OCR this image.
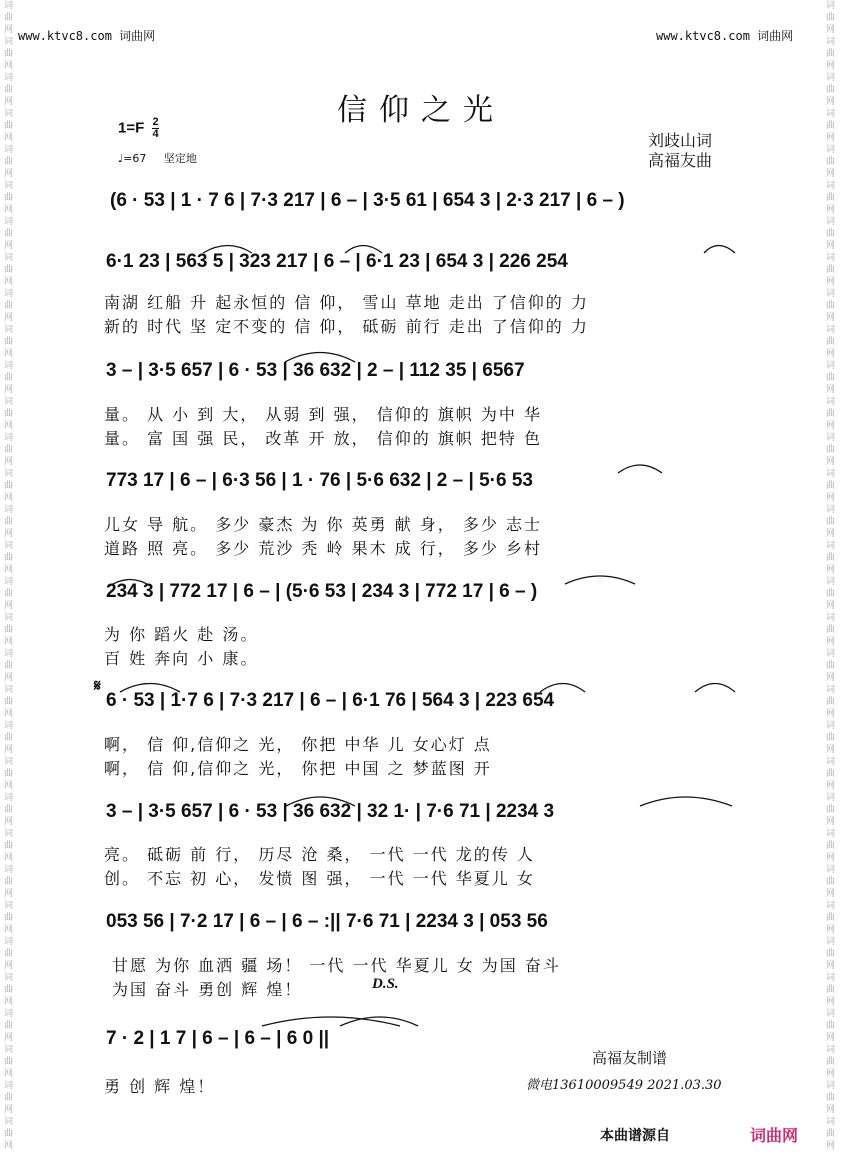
www.ktvc8.com 词曲网	www.ktvc8.com 词曲网
词曲网词曲网词曲网词曲网词曲网词曲网词曲网词曲网词曲网词曲网词曲网词曲网词曲网词曲网词曲网词曲网词曲网词曲网词曲网词曲网词曲网词曲网词曲网词曲网词曲网词曲网词曲网词曲网词曲网词曲网词曲网词曲网
词曲网词曲网词曲网词曲网词曲网词曲网词曲网词曲网词曲网词曲网词曲网词曲网词曲网词曲网词曲网词曲网词曲网词曲网词曲网词曲网词曲网词曲网词曲网词曲网词曲网词曲网词曲网词曲网词曲网词曲网词曲网词曲网
信仰之光
$1=F \frac{2}{4}$
♩=67 坚定地
刘歧山词
高福友曲
(6 · 53 | 1 · 7 6 | 7·3 217 | 6 – | 3·5 61 | 654 3 | 2·3 217 | 6 – )
6·1 23 | 563 5 | 323 217 | 6 – | 6·1 23 | 654 3 | 226 254
南湖 红船 升 起永恒的 信 仰， 雪山 草地 走出 了信仰的 力
新的 时代 坚 定不变的 信 仰， 砥砺 前行 走出 了信仰的 力
3 – | 3·5 657 | 6 · 53 | 36 632 | 2 – | 112 35 | 6567
量。 从 小 到 大， 从弱 到 强， 信仰的 旗帜 为中 华
量。 富 国 强 民， 改革 开 放， 信仰的 旗帜 把特 色
773 17 | 6 – | 6·3 56 | 1 · 76 | 5·6 632 | 2 – | 5·6 53
儿女 导 航。 多少 豪杰 为 你 英勇 献 身， 多少 志士
道路 照 亮。 多少 荒沙 秃 岭 果木 成 行， 多少 乡村
234 3 | 772 17 | 6 – | (5·6 53 | 234 3 | 772 17 | 6 – )
为 你 蹈火 赴 汤。
百 姓 奔向 小 康。
𝄋
6 · 53 | 1·7 6 | 7·3 217 | 6 – | 6·1 76 | 564 3 | 223 654
啊， 信 仰,信仰之 光， 你把 中华 儿 女心灯 点
啊， 信 仰,信仰之 光， 你把 中国 之 梦蓝图 开
3 – | 3·5 657 | 6 · 53 | 36 632 | 32 1· | 7·6 71 | 2234 3
亮。 砥砺 前 行， 历尽 沧 桑， 一代 一代 龙的传 人
创。 不忘 初 心， 发愤 图 强， 一代 一代 华夏儿 女
053 56 | 7·2 17 | 6 – | 6 – :|| 7·6 71 | 2234 3 | 053 56
甘愿 为你 血洒 疆 场！ 一代 一代 华夏儿 女 为国 奋斗
为国 奋斗 勇创 辉 煌！	D.S.
7 · 2 | 1 7 | 6 – | 6 – | 6 0 ||
勇 创 辉 煌！
高福友制谱
微电13610009549 2021.03.30
本曲谱源自	词曲网
